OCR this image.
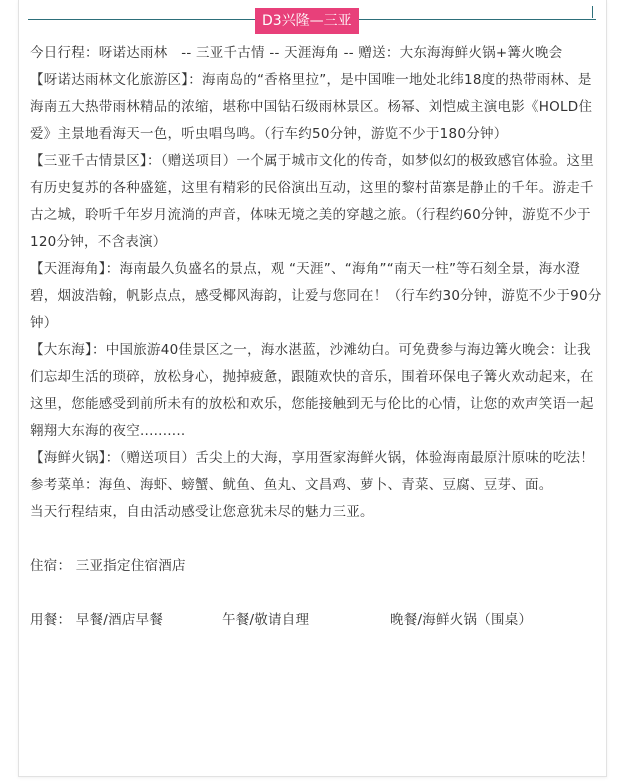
D3兴隆—三亚

今日行程：呀诺达雨林　-- 三亚千古情 -- 天涯海角 -- 赠送：大东海海鲜火锅+篝火晚会

【呀诺达雨林文化旅游区】：海南岛的“香格里拉”，是中国唯一地处北纬18度的热带雨林、是海南五大热带雨林精品的浓缩，堪称中国钻石级雨林景区。杨幂、刘恺威主演电影《HOLD住爱》主景地看海天一色，听虫唱鸟鸣。（行车约50分钟，游览不少于180分钟）

【三亚千古情景区】：（赠送项目）一个属于城市文化的传奇，如梦似幻的极致感官体验。这里有历史复苏的各种盛筵，这里有精彩的民俗演出互动，这里的黎村苗寨是静止的千年。游走千古之城，聆听千年岁月流淌的声音，体味无境之美的穿越之旅。（行程约60分钟，游览不少于120分钟，不含表演）

【天涯海角】：海南最久负盛名的景点，观 “天涯”、“海角”“南天一柱”等石刻全景，海水澄碧，烟波浩翰，帆影点点，感受椰风海韵，让爱与您同在！（行车约30分钟，游览不少于90分钟）

【大东海】：中国旅游40佳景区之一，海水湛蓝，沙滩幼白。可免费参与海边篝火晚会：让我们忘却生活的琐碎，放松身心，抛掉疲惫，跟随欢快的音乐，围着环保电子篝火欢动起来，在这里，您能感受到前所未有的放松和欢乐，您能接触到无与伦比的心情，让您的欢声笑语一起翱翔大东海的夜空..........

【海鲜火锅】：（赠送项目）舌尖上的大海，享用疍家海鲜火锅，体验海南最原汁原味的吃法！　参考菜单：海鱼、海虾、螃蟹、鱿鱼、鱼丸、文昌鸡、萝卜、青菜、豆腐、豆芽、面。

当天行程结束，自由活动感受让您意犹未尽的魅力三亚。

住宿： 三亚指定住宿酒店

用餐： 早餐/酒店早餐	午餐/敬请自理	晚餐/海鲜火锅（围桌）
